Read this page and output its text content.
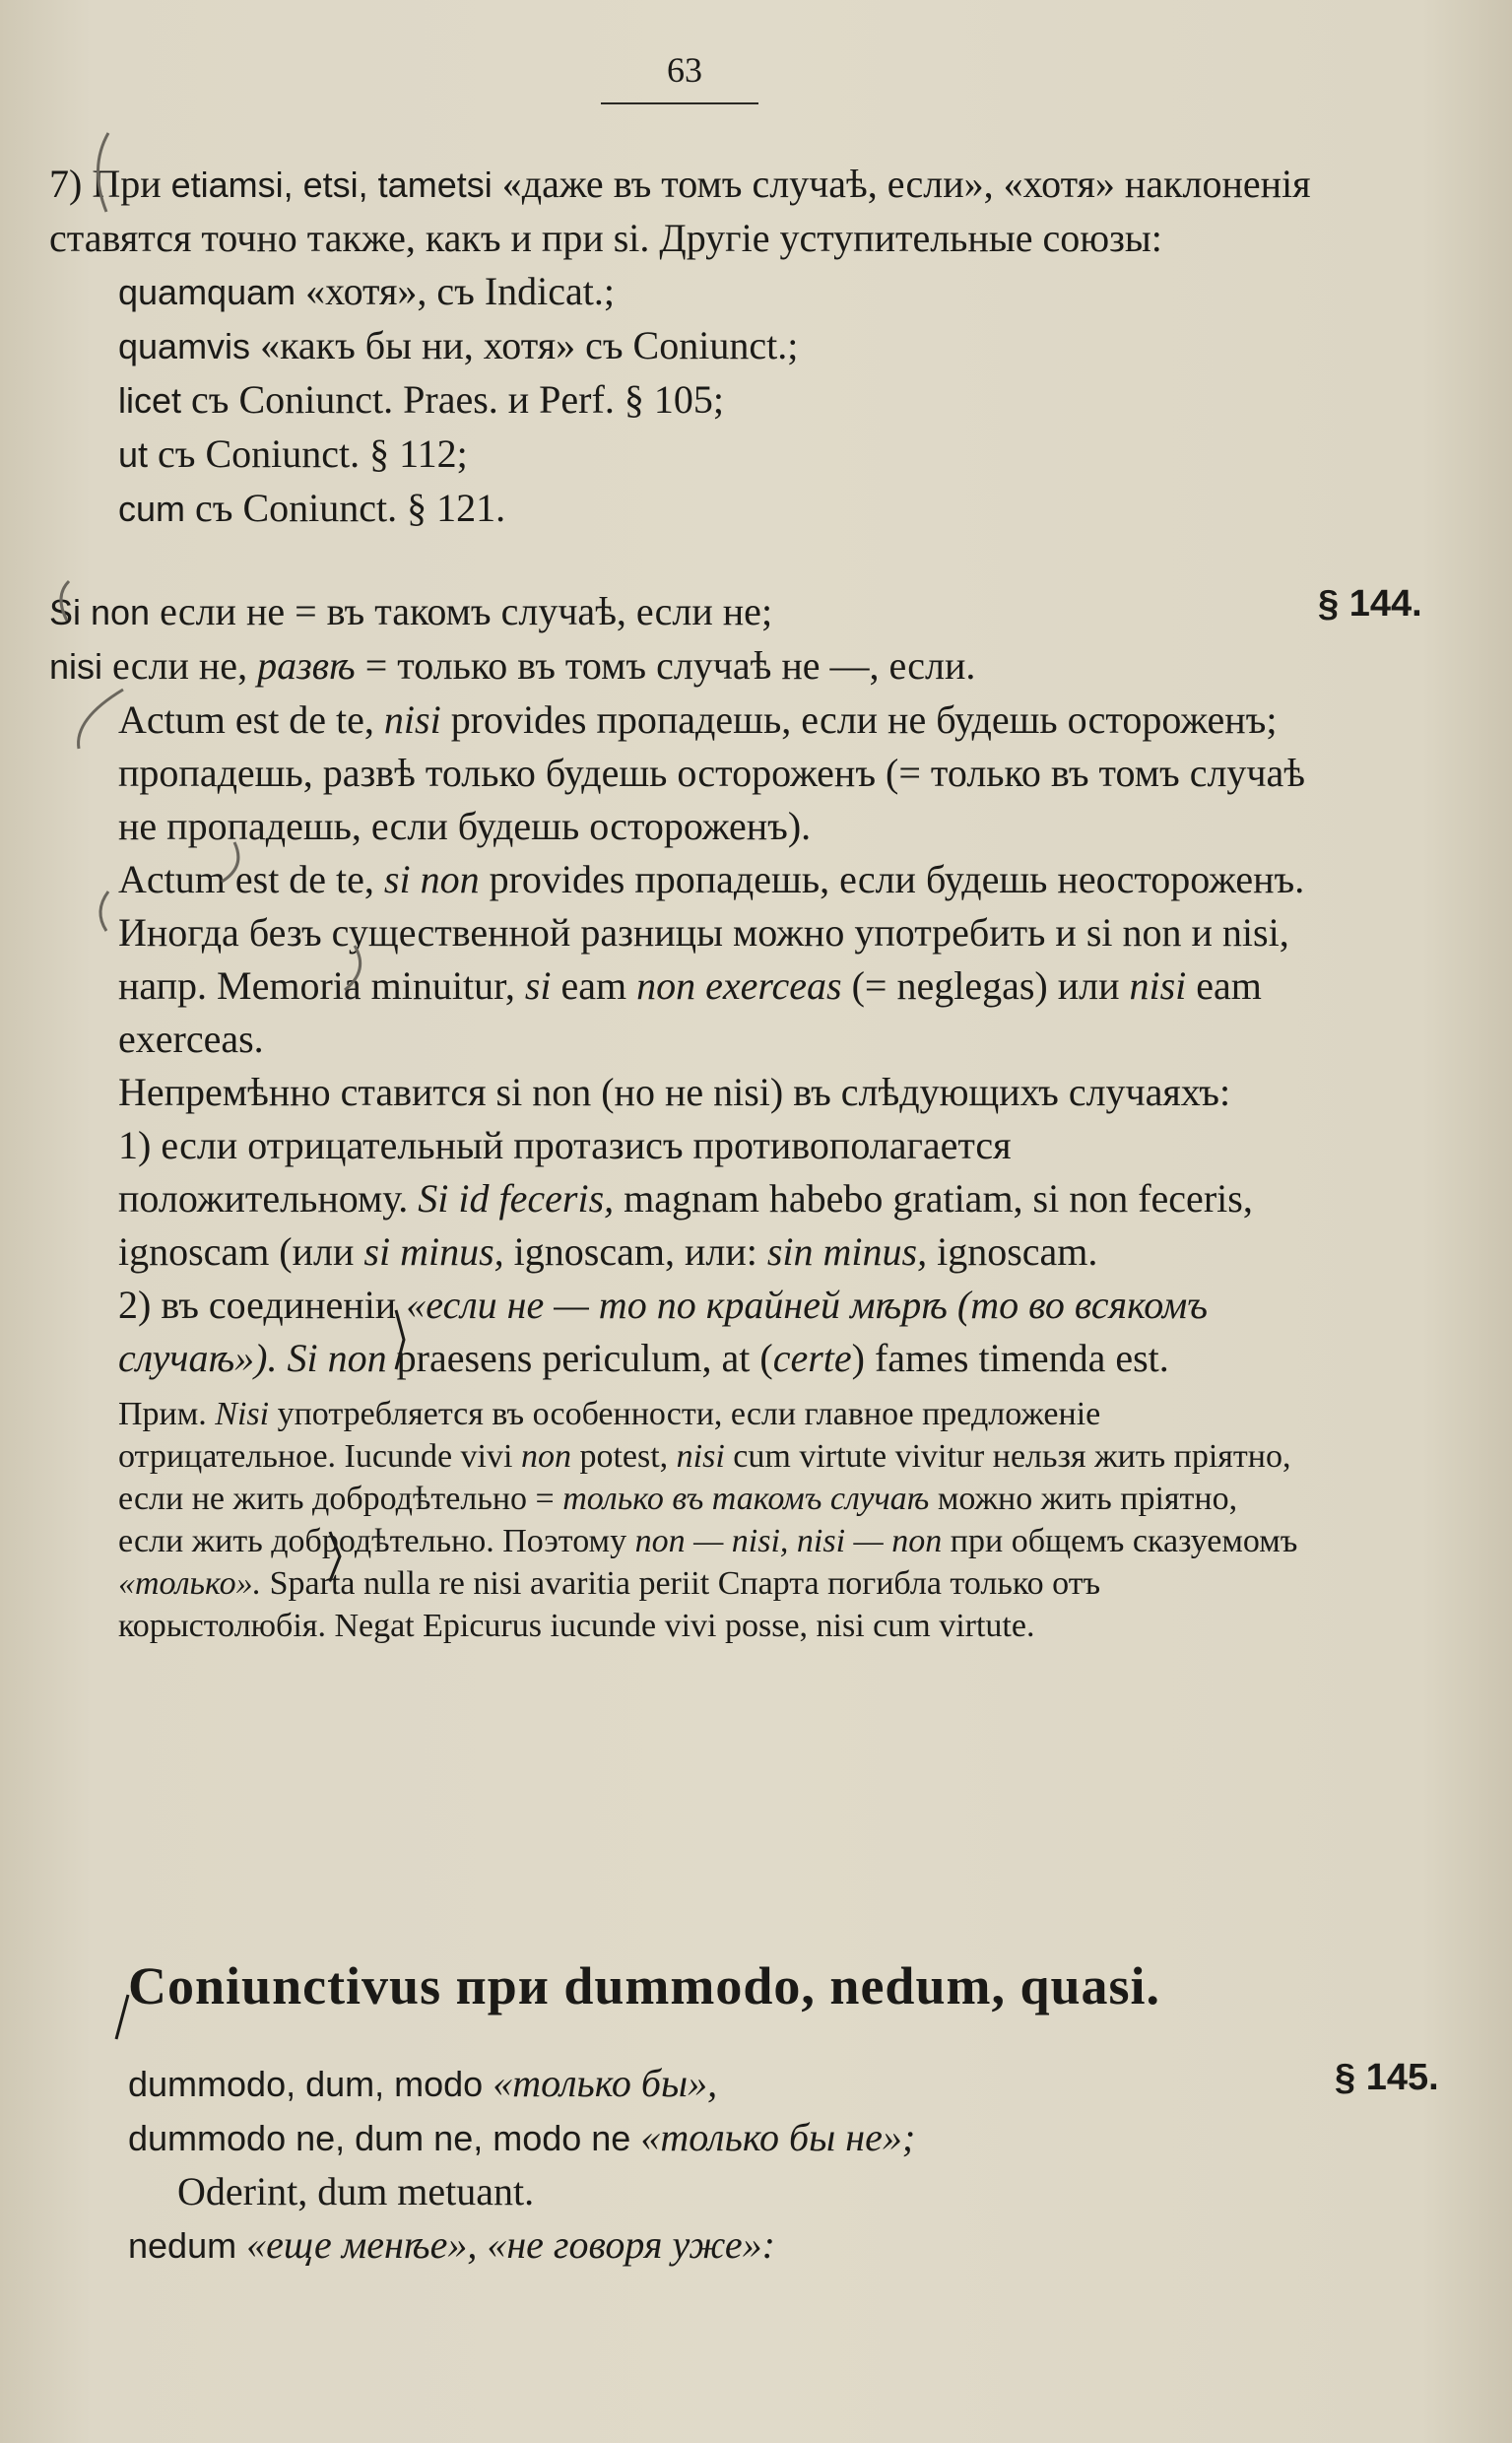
63

7) При etiamsi, etsi, tametsi «даже въ томъ случаѣ, если», «хотя» наклоненія ставятся точно также, какъ и при si. Другіе уступительные союзы:

quamquam «хотя», съ Indicat.;

quamvis «какъ бы ни, хотя» съ Coniunct.;

licet съ Coniunct. Praes. и Perf. § 105;

ut съ Coniunct. § 112;

cum съ Coniunct. § 121.

§ 144.

Si non если не = въ такомъ случаѣ, если не;

nisi если не, развѣ = только въ томъ случаѣ не —, если.

Actum est de te, nisi provides пропадешь, если не будешь остороженъ; пропадешь, развѣ только будешь остороженъ (= только въ томъ случаѣ не пропадешь, если будешь остороженъ).

Actum est de te, si non provides пропадешь, если будешь неостороженъ.

Иногда безъ существенной разницы можно употребить и si non и nisi, напр. Memoria minuitur, si eam non exerceas (= neglegas) или nisi eam exerceas.

Непремѣнно ставится si non (но не nisi) въ слѣдующихъ случаяхъ:

1) если отрицательный протазисъ противополагается положительному. Si id feceris, magnam habebo gratiam, si non feceris, ignoscam (или si minus, ignoscam, или: sin minus, ignoscam.

2) въ соединеніи «если не — то по крайней мѣрѣ (то во всякомъ случаѣ»). Si non praesens periculum, at (certe) fames timenda est.

Прим. Nisi употребляется въ особенности, если главное предложеніе отрицательное. Iucunde vivi non potest, nisi cum virtute vivitur нельзя жить пріятно, если не жить добродѣтельно = только въ такомъ случаѣ можно жить пріятно, если жить добродѣтельно. Поэтому non — nisi, nisi — non при общемъ сказуемомъ «только». Sparta nulla re nisi avaritia periit Спарта погибла только отъ корыстолюбія. Negat Epicurus iucunde vivi posse, nisi cum virtute.

Coniunctivus при dummodo, nedum, quasi.
§ 145.

dummodo, dum, modo «только бы»,

dummodo ne, dum ne, modo ne «только бы не»;

Oderint, dum metuant.

nedum «еще менѣе», «не говоря уже»:
